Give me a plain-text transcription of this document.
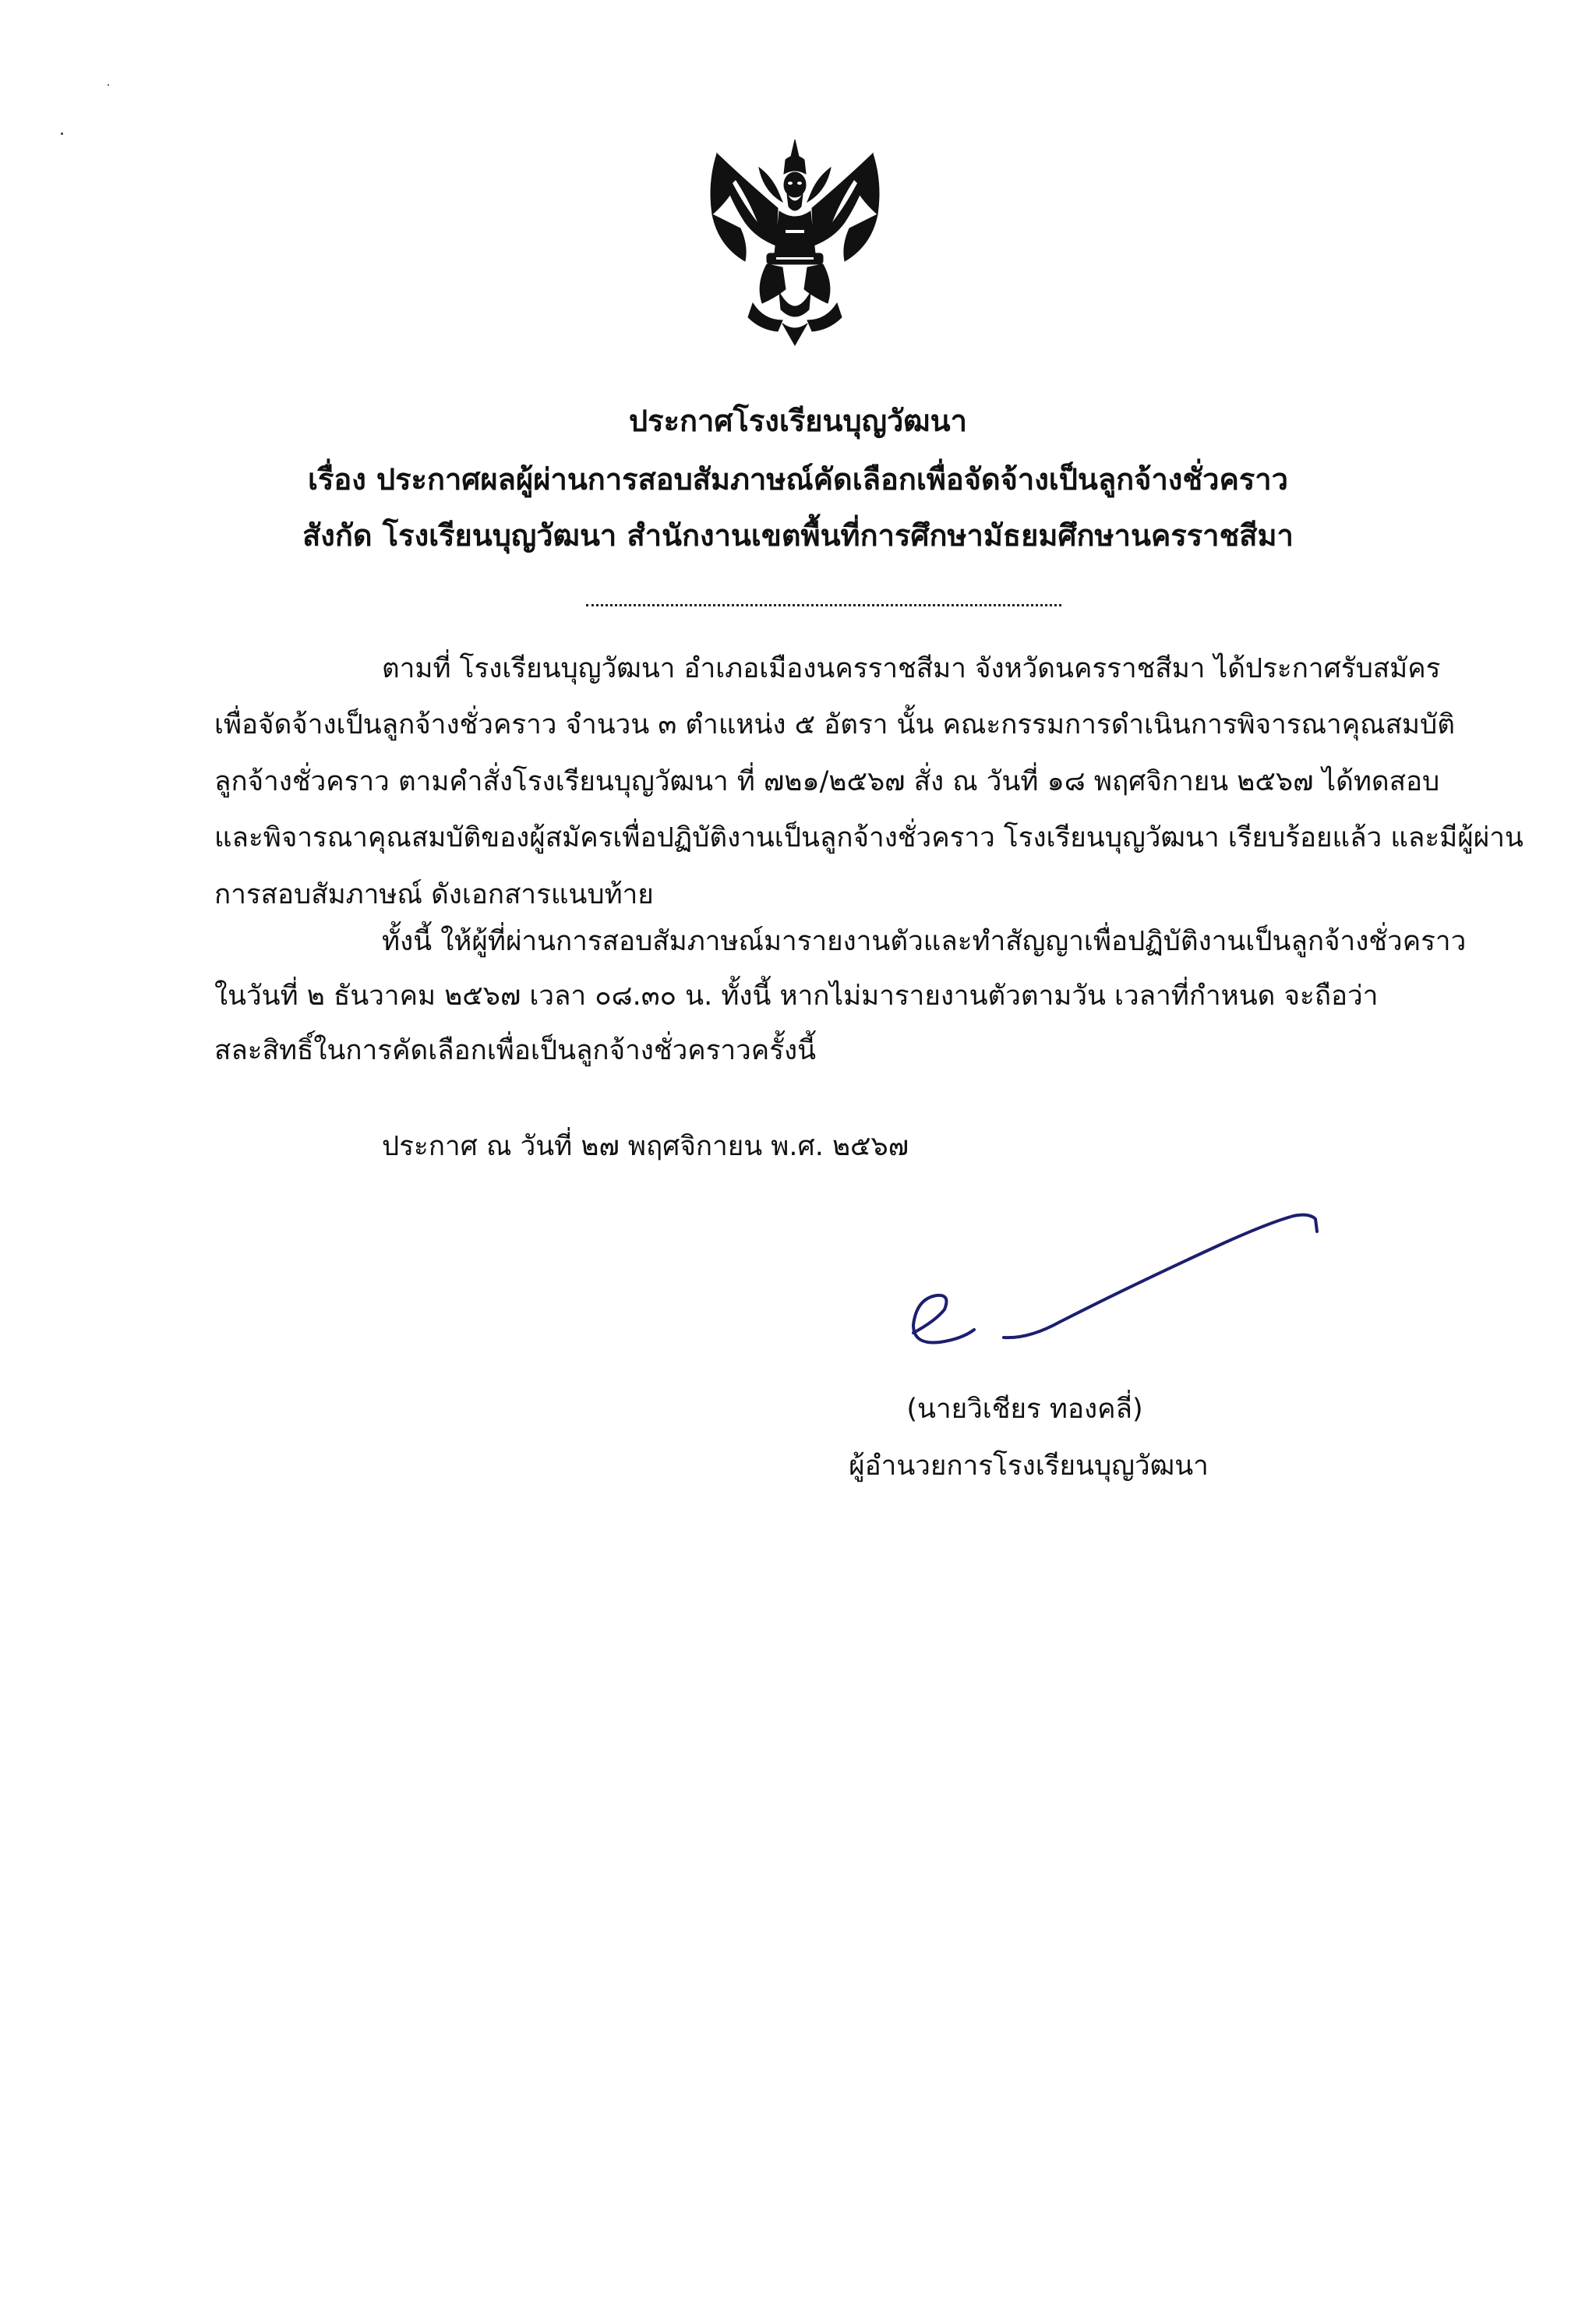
ประกาศโรงเรียนบุญวัฒนา
เรื่อง ประกาศผลผู้ผ่านการสอบสัมภาษณ์คัดเลือกเพื่อจัดจ้างเป็นลูกจ้างชั่วคราว
สังกัด โรงเรียนบุญวัฒนา สำนักงานเขตพื้นที่การศึกษามัธยมศึกษานครราชสีมา
ตามที่ โรงเรียนบุญวัฒนา อำเภอเมืองนครราชสีมา จังหวัดนครราชสีมา ได้ประกาศรับสมัคร
เพื่อจัดจ้างเป็นลูกจ้างชั่วคราว จำนวน ๓ ตำแหน่ง ๕ อัตรา นั้น คณะกรรมการดำเนินการพิจารณาคุณสมบัติ
ลูกจ้างชั่วคราว ตามคำสั่งโรงเรียนบุญวัฒนา ที่ ๗๒๑/๒๕๖๗ สั่ง ณ วันที่ ๑๘ พฤศจิกายน ๒๕๖๗ ได้ทดสอบ
และพิจารณาคุณสมบัติของผู้สมัครเพื่อปฏิบัติงานเป็นลูกจ้างชั่วคราว โรงเรียนบุญวัฒนา เรียบร้อยแล้ว และมีผู้ผ่าน
การสอบสัมภาษณ์ ดังเอกสารแนบท้าย
ทั้งนี้ ให้ผู้ที่ผ่านการสอบสัมภาษณ์มารายงานตัวและทำสัญญาเพื่อปฏิบัติงานเป็นลูกจ้างชั่วคราว
ในวันที่ ๒ ธันวาคม ๒๕๖๗ เวลา ๐๘.๓๐ น. ทั้งนี้ หากไม่มารายงานตัวตามวัน เวลาที่กำหนด จะถือว่า
สละสิทธิ์ในการคัดเลือกเพื่อเป็นลูกจ้างชั่วคราวครั้งนี้
ประกาศ ณ วันที่ ๒๗ พฤศจิกายน พ.ศ. ๒๕๖๗
(นายวิเชียร ทองคลี่)
ผู้อำนวยการโรงเรียนบุญวัฒนา
